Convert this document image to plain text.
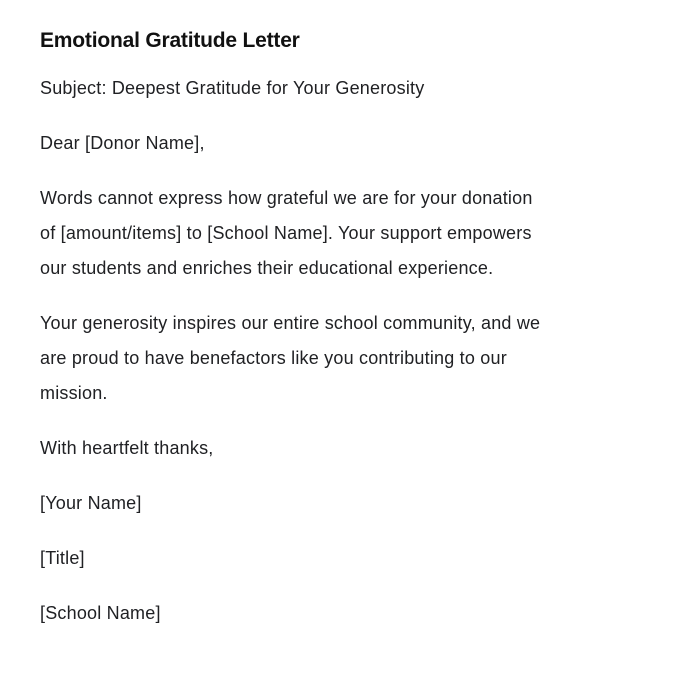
Emotional Gratitude Letter

Subject: Deepest Gratitude for Your Generosity

Dear [Donor Name],

Words cannot express how grateful we are for your donation
of [amount/items] to [School Name]. Your support empowers
our students and enriches their educational experience.

Your generosity inspires our entire school community, and we
are proud to have benefactors like you contributing to our
mission.

With heartfelt thanks,

[Your Name]

[Title]

[School Name]
